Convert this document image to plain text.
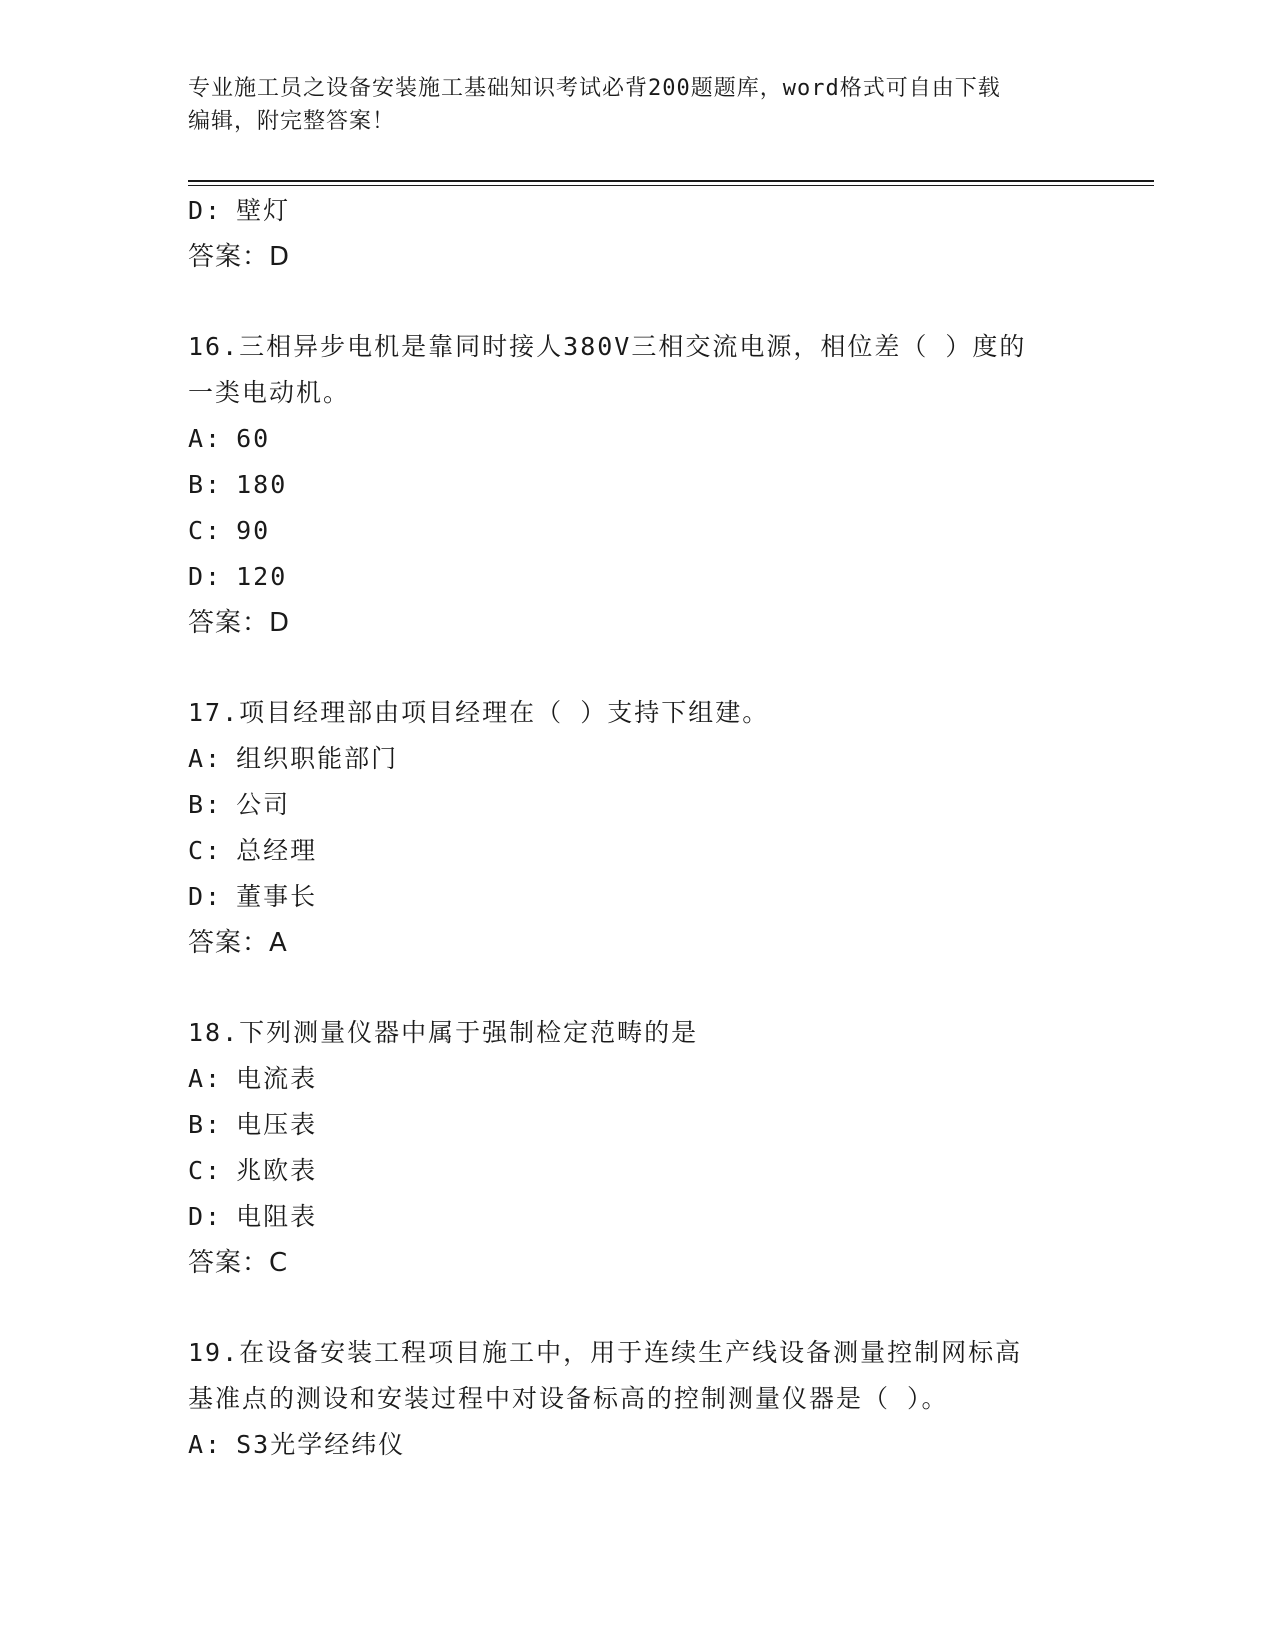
专业施工员之设备安装施工基础知识考试必背200题题库，word格式可自由下载
编辑，附完整答案！
D: 壁灯
答案：D
16.三相异步电机是靠同时接人380V三相交流电源，相位差（ ）度的
一类电动机。
A: 60
B: 180
C: 90
D: 120
答案：D
17.项目经理部由项目经理在（ ）支持下组建。
A: 组织职能部门
B: 公司
C: 总经理
D: 董事长
答案：A
18.下列测量仪器中属于强制检定范畴的是
A: 电流表
B: 电压表
C: 兆欧表
D: 电阻表
答案：C
19.在设备安装工程项目施工中，用于连续生产线设备测量控制网标高
基准点的测设和安装过程中对设备标高的控制测量仪器是（ ）。
A: S3光学经纬仪
